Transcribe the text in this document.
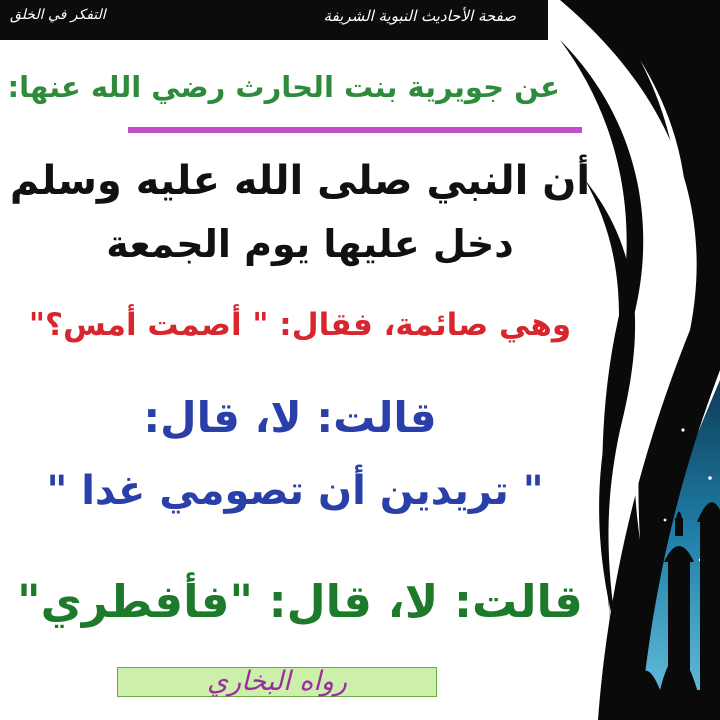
صفحة الأحاديث النبوية الشريفة
التفكر في الخلق
عن جويرية بنت الحارث رضي الله عنها:
أن النبي صلى الله عليه وسلم
دخل عليها يوم الجمعة
وهي صائمة، فقال: " أصمت أمس؟"
قالت: لا، قال:
" تريدين أن تصومي غدا "
قالت: لا، قال: "فأفطري"
رواه البخاري
